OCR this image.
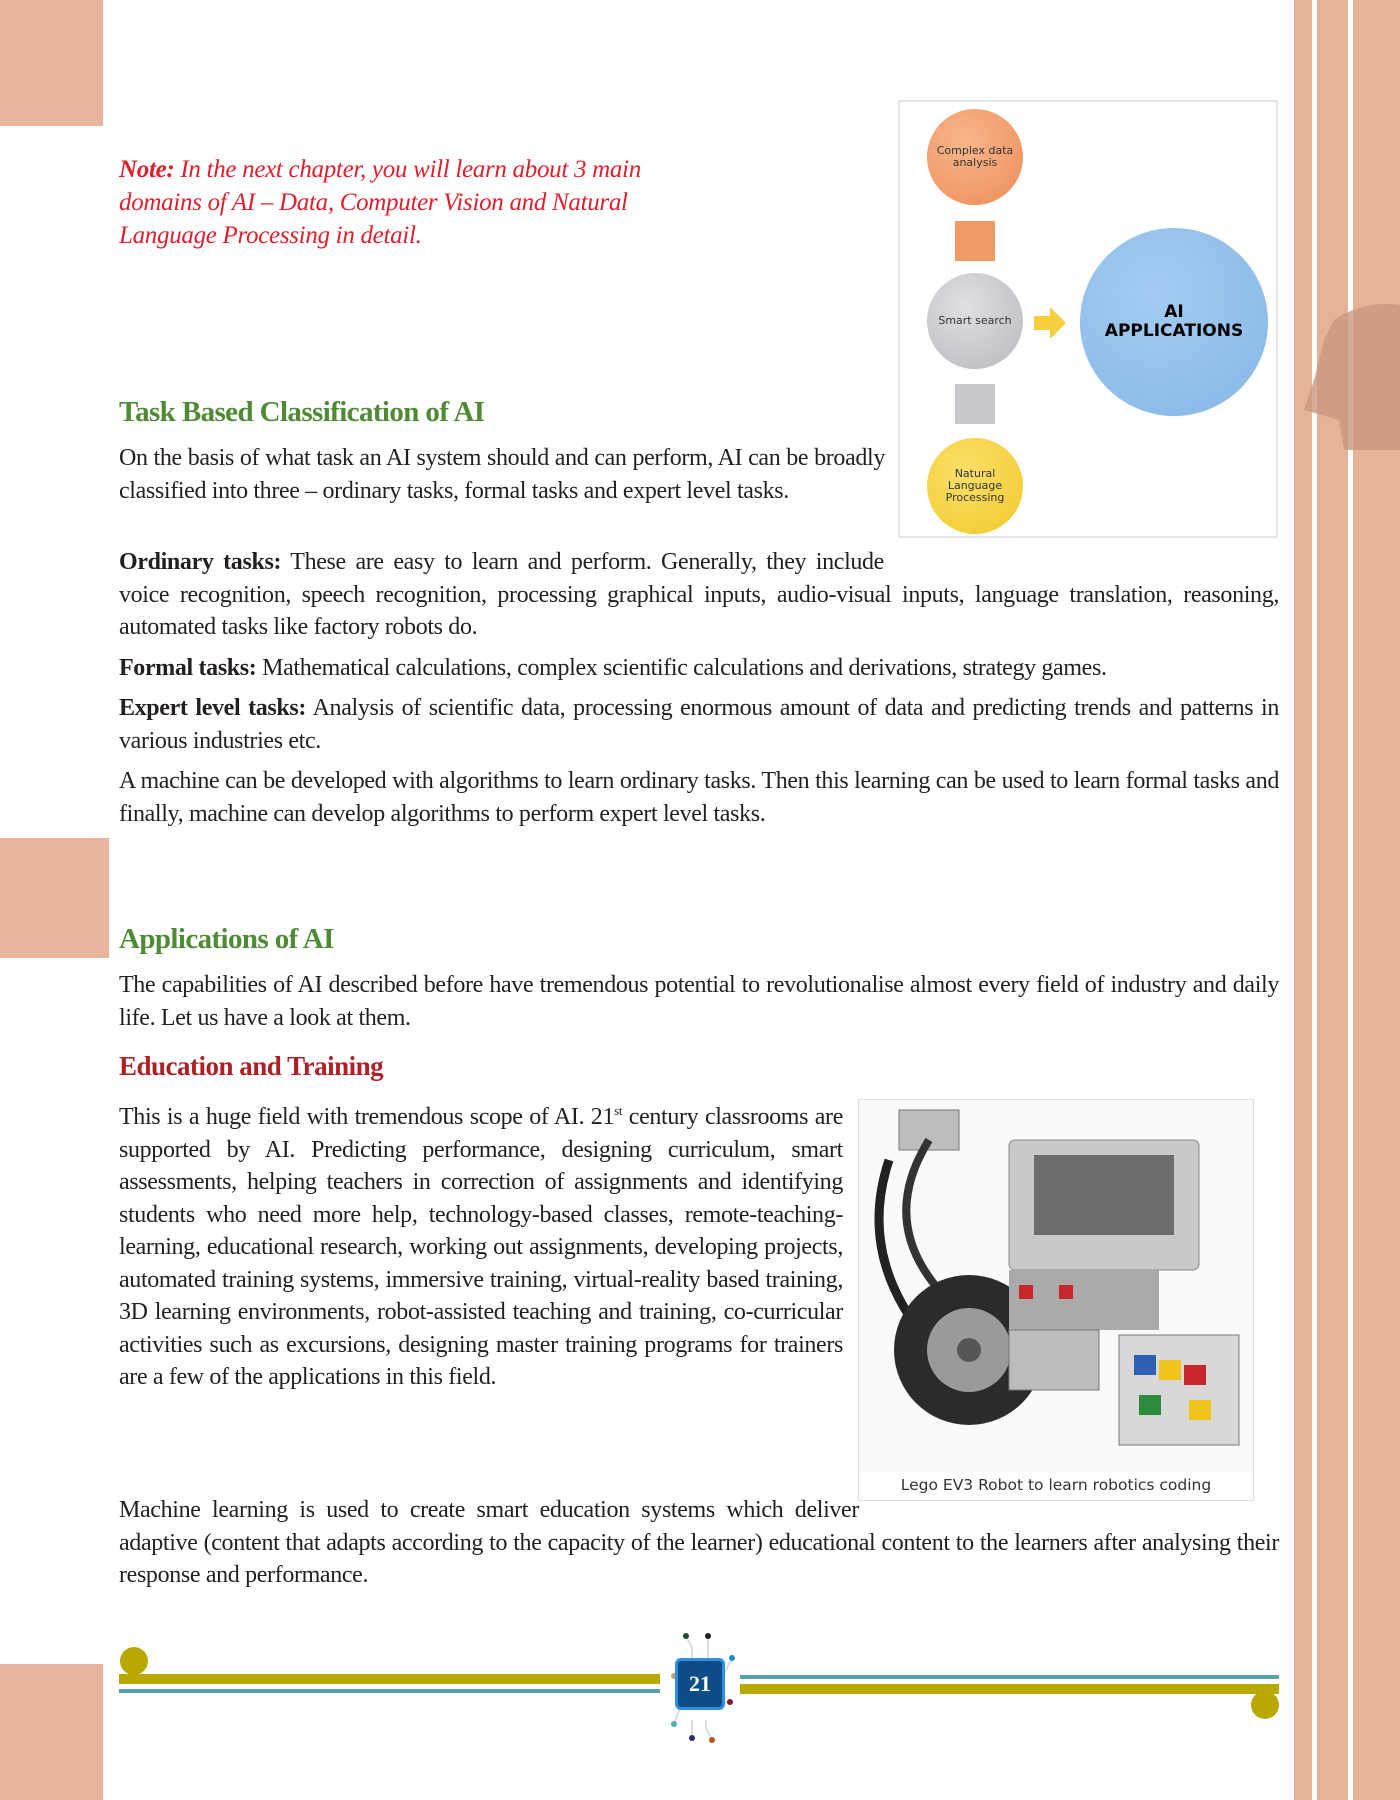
Note: In the next chapter, you will learn about 3 main domains of AI – Data, Computer Vision and Natural Language Processing in detail.
Complex data analysis
Smart search
Natural Language Processing
AI APPLICATIONS
Task Based Classification of AI

On the basis of what task an AI system should and can perform, AI can be broadly classified into three – ordinary tasks, formal tasks and expert level tasks.

Ordinary tasks: These are easy to learn and perform. Generally, they include voice recognition, speech recognition, processing graphical inputs, audio-visual inputs, language translation, reasoning, automated tasks like factory robots do.

Formal tasks: Mathematical calculations, complex scientific calculations and derivations, strategy games.

Expert level tasks: Analysis of scientific data, processing enormous amount of data and predicting trends and patterns in various industries etc.

A machine can be developed with algorithms to learn ordinary tasks. Then this learning can be used to learn formal tasks and finally, machine can develop algorithms to perform expert level tasks.

Applications of AI

The capabilities of AI described before have tremendous potential to revolutionalise almost every field of industry and daily life. Let us have a look at them.

Education and Training

This is a huge field with tremendous scope of AI. 21st century classrooms are supported by AI. Predicting performance, designing curriculum, smart assessments, helping teachers in correction of assignments and identifying students who need more help, technology-based classes, remote-teaching-learning, educational research, working out assignments, developing projects, automated training systems, immersive training, virtual-reality based training, 3D learning environments, robot-assisted teaching and training, co-curricular activities such as excursions, designing master training programs for trainers are a few of the applications in this field.

Lego EV3 Robot to learn robotics coding

Machine learning is used to create smart education systems which deliver adaptive (content that adapts according to the capacity of the learner) educational content to the learners after analysing their response and performance.

21
